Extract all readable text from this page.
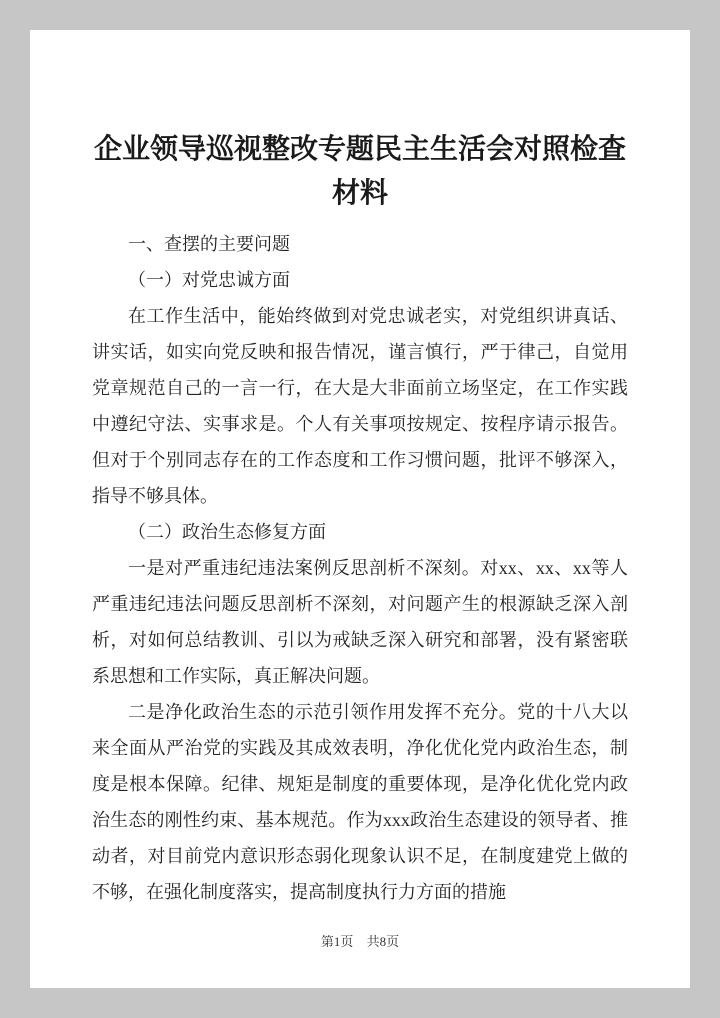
企业领导巡视整改专题民主生活会对照检查材料

一、查摆的主要问题

（一）对党忠诚方面

在工作生活中，能始终做到对党忠诚老实，对党组织讲真话、讲实话，如实向党反映和报告情况，谨言慎行，严于律己，自觉用党章规范自己的一言一行，在大是大非面前立场坚定，在工作实践中遵纪守法、实事求是。个人有关事项按规定、按程序请示报告。但对于个别同志存在的工作态度和工作习惯问题，批评不够深入，指导不够具体。

（二）政治生态修复方面

一是对严重违纪违法案例反思剖析不深刻。对xx、xx、xx等人严重违纪违法问题反思剖析不深刻，对问题产生的根源缺乏深入剖析，对如何总结教训、引以为戒缺乏深入研究和部署，没有紧密联系思想和工作实际，真正解决问题。

二是净化政治生态的示范引领作用发挥不充分。党的十八大以来全面从严治党的实践及其成效表明，净化优化党内政治生态，制度是根本保障。纪律、规矩是制度的重要体现，是净化优化党内政治生态的刚性约束、基本规范。作为xxx政治生态建设的领导者、推动者，对目前党内意识形态弱化现象认识不足，在制度建党上做的不够，在强化制度落实，提高制度执行力方面的措施

第1页 共8页
